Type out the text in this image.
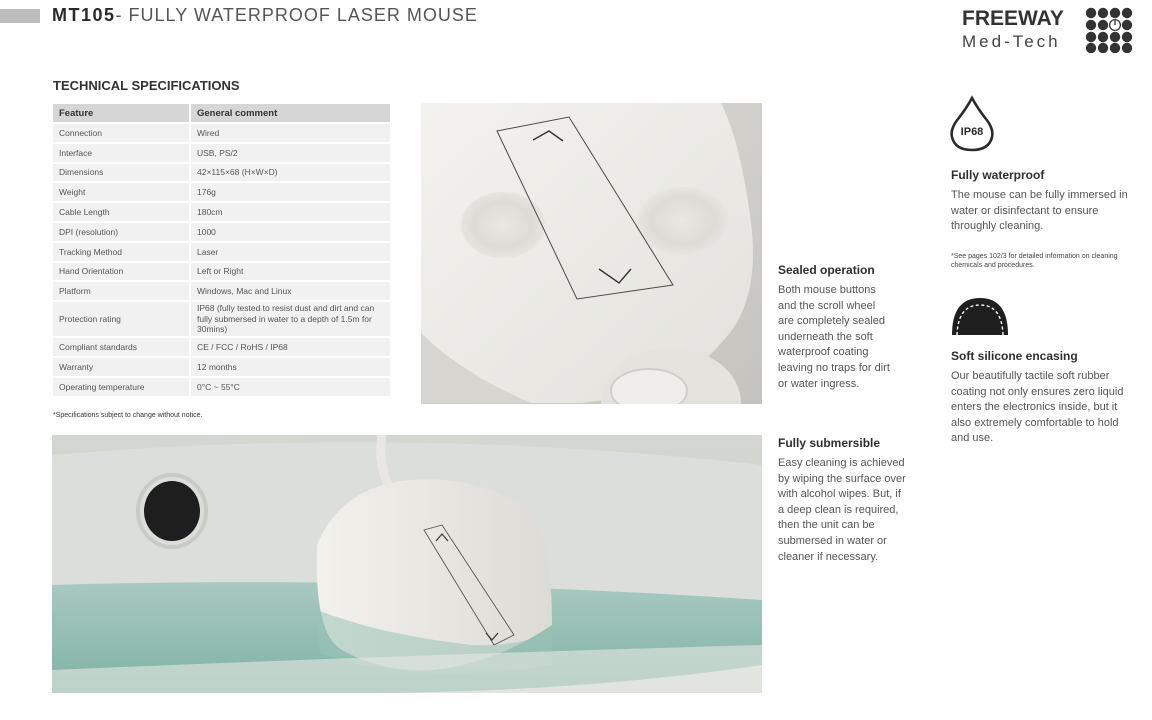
MT105- FULLY WATERPROOF LASER MOUSE	FREEWAY
Med-Tech
TECHNICAL SPECIFICATIONS
Feature	General comment
Connection	Wired
Interface	USB, PS/2
Dimensions	42×115×68 (H×W×D)
Weight	176g
Cable Length	180cm
DPI (resolution)	1000
Tracking Method	Laser
Hand Orientation	Left or Right
Platform	Windows, Mac and Linux
Protection rating	IP68 (fully tested to resist dust and dirt and can fully submersed in water to a depth of 1.5m for 30mins)
Compliant standards	CE / FCC / RoHS / IP68
Warranty	12 months
Operating temperature	0°C ~ 55°C
*Specifications subject to change without notice.
Sealed operation

Both mouse buttons and the scroll wheel are completely sealed underneath the soft waterproof coating leaving no traps for dirt or water ingress.

Fully submersible

Easy cleaning is achieved by wiping the surface over with alcohol wipes. But, if a deep clean is required, then the unit can be submersed in water or cleaner if necessary.

IP68
Fully waterproof

The mouse can be fully immersed in water or disinfectant to ensure throughly cleaning.

*See pages 102/3 for detailed information on cleaning chemicals and procedures.
Soft silicone encasing

Our beautifully tactile soft rubber coating not only ensures zero liquid enters the electronics inside, but it also extremely comfortable to hold and use.
